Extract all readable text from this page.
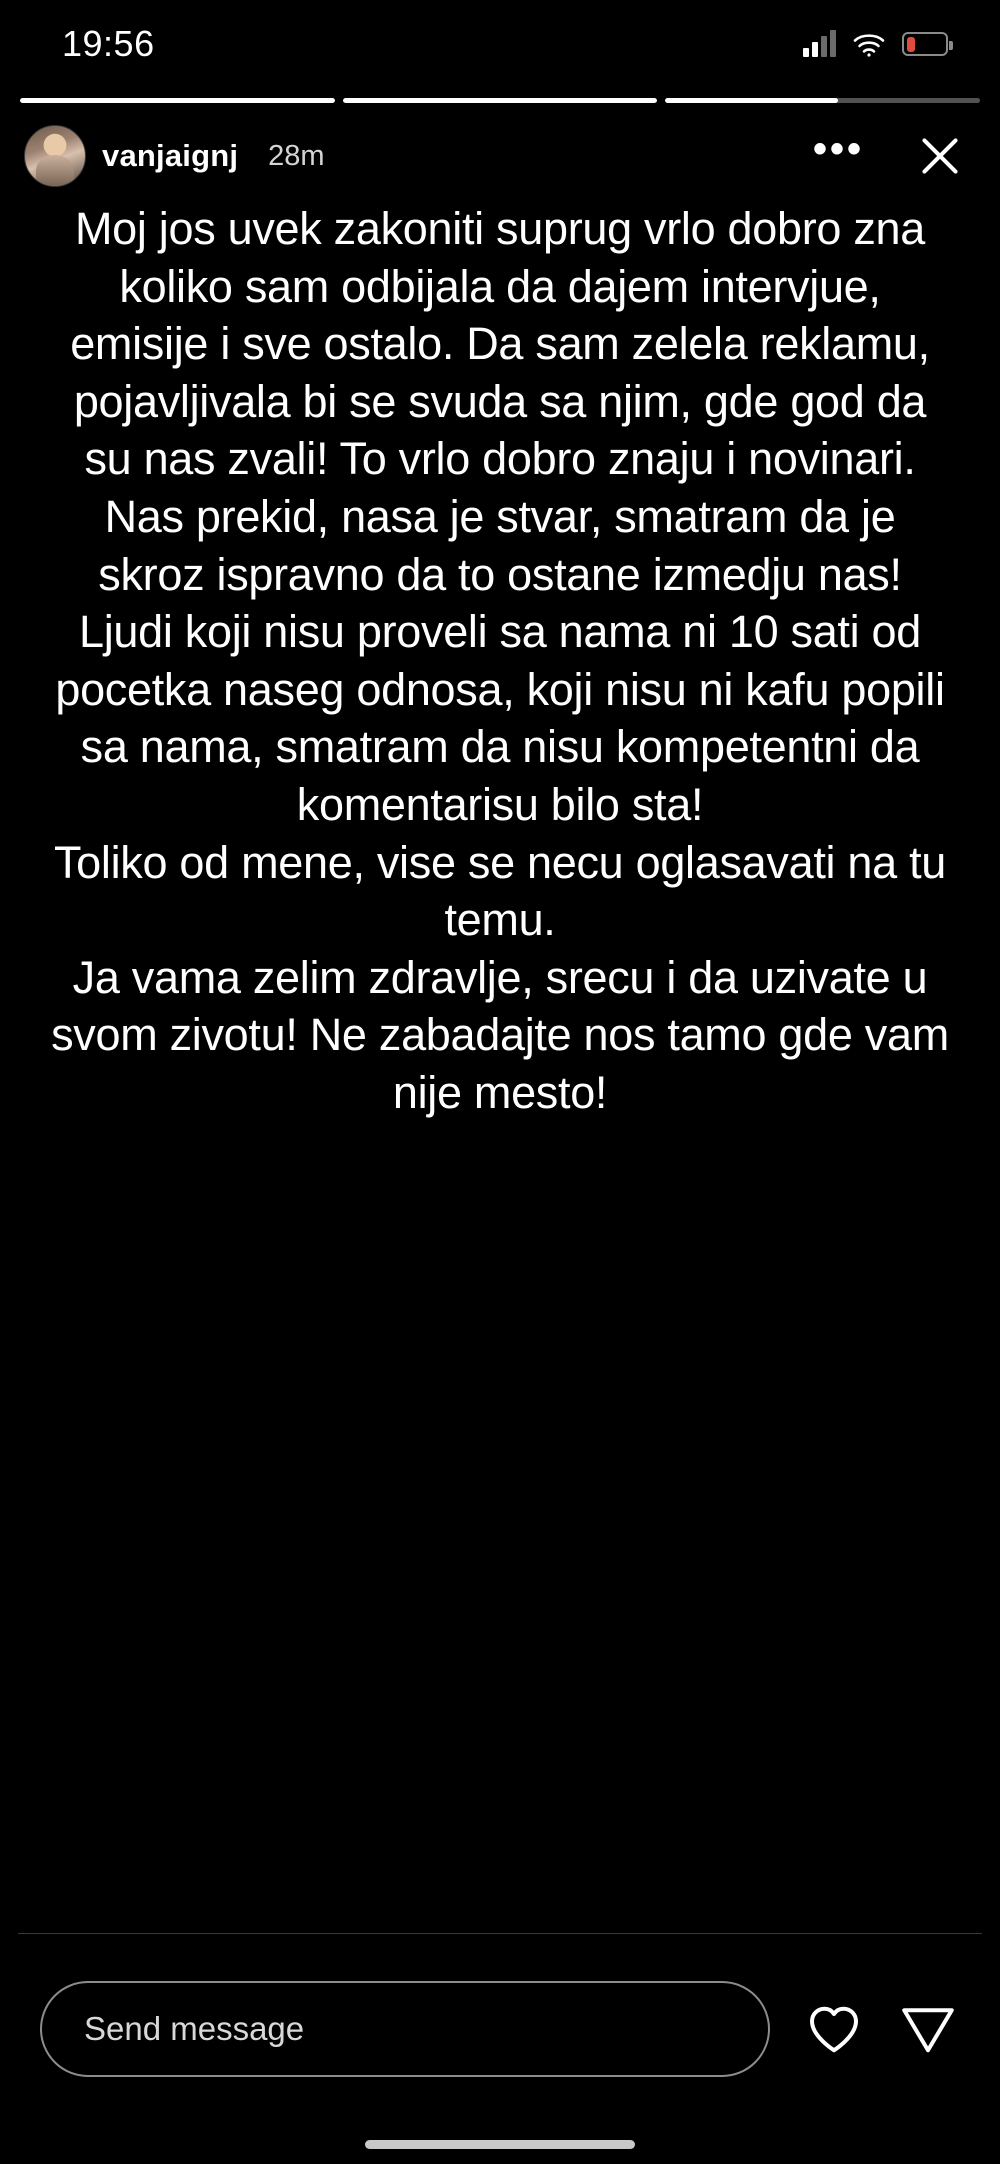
19:56
vanjaignj 28m	•••

Moj jos uvek zakoniti suprug vrlo dobro zna koliko sam odbijala da dajem intervjue, emisije i sve ostalo. Da sam zelela reklamu, pojavljivala bi se svuda sa njim, gde god da su nas zvali! To vrlo dobro znaju i novinari. Nas prekid, nasa je stvar, smatram da je skroz ispravno da to ostane izmedju nas!

Ljudi koji nisu proveli sa nama ni 10 sati od pocetka naseg odnosa, koji nisu ni kafu popili sa nama, smatram da nisu kompetentni da komentarisu bilo sta!

Toliko od mene, vise se necu oglasavati na tu temu.

Ja vama zelim zdravlje, srecu i da uzivate u svom zivotu! Ne zabadajte nos tamo gde vam nije mesto!

Send message
